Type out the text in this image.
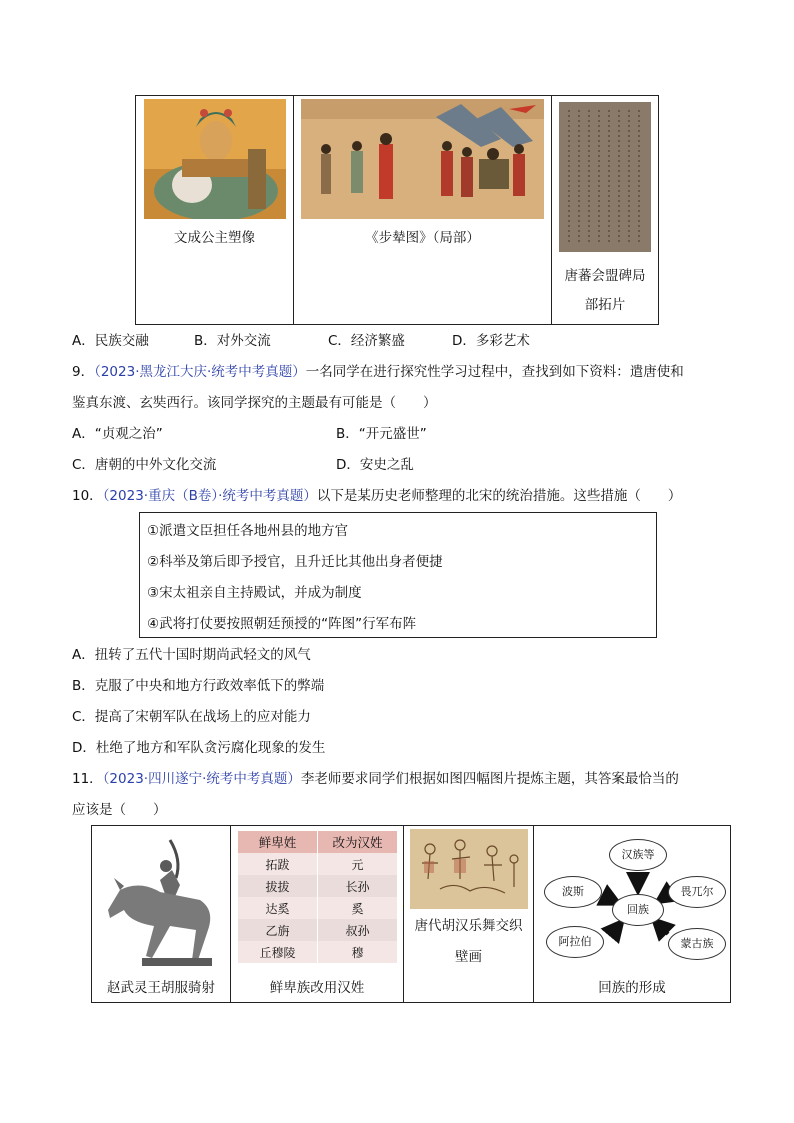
文成公主塑像	《步辇图》（局部）
唐蕃会盟碑局部拓片
A．民族交融	B．对外交流	C．经济繁盛	D．多彩艺术
9．（2023·黑龙江大庆·统考中考真题）一名同学在进行探究性学习过程中，查找到如下资料：遣唐使和
鉴真东渡、玄奘西行。该同学探究的主题最有可能是（　　）
A．“贞观之治”	B．“开元盛世”
C．唐朝的中外文化交流	D．安史之乱
10．（2023·重庆（B卷）·统考中考真题）以下是某历史老师整理的北宋的统治措施。这些措施（　　）
①派遣文臣担任各地州县的地方官
②科举及第后即予授官，且升迁比其他出身者便捷
③宋太祖亲自主持殿试，并成为制度
④武将打仗要按照朝廷预授的“阵图”行军布阵
A．扭转了五代十国时期尚武轻文的风气
B．克服了中央和地方行政效率低下的弊端
C．提高了宋朝军队在战场上的应对能力
D．杜绝了地方和军队贪污腐化现象的发生
11．（2023·四川遂宁·统考中考真题）李老师要求同学们根据如图四幅图片提炼主题，其答案最恰当的
应该是（　　）
赵武灵王胡服骑射
鲜卑姓	改为汉姓
拓跋	元
拔拔	长孙
达奚	奚
乙旃	叔孙
丘穆陵	穆
鲜卑族改用汉姓
唐代胡汉乐舞交织
壁画
汉族等
波斯
回族
畏兀尔
阿拉伯	蒙古族
回族的形成
